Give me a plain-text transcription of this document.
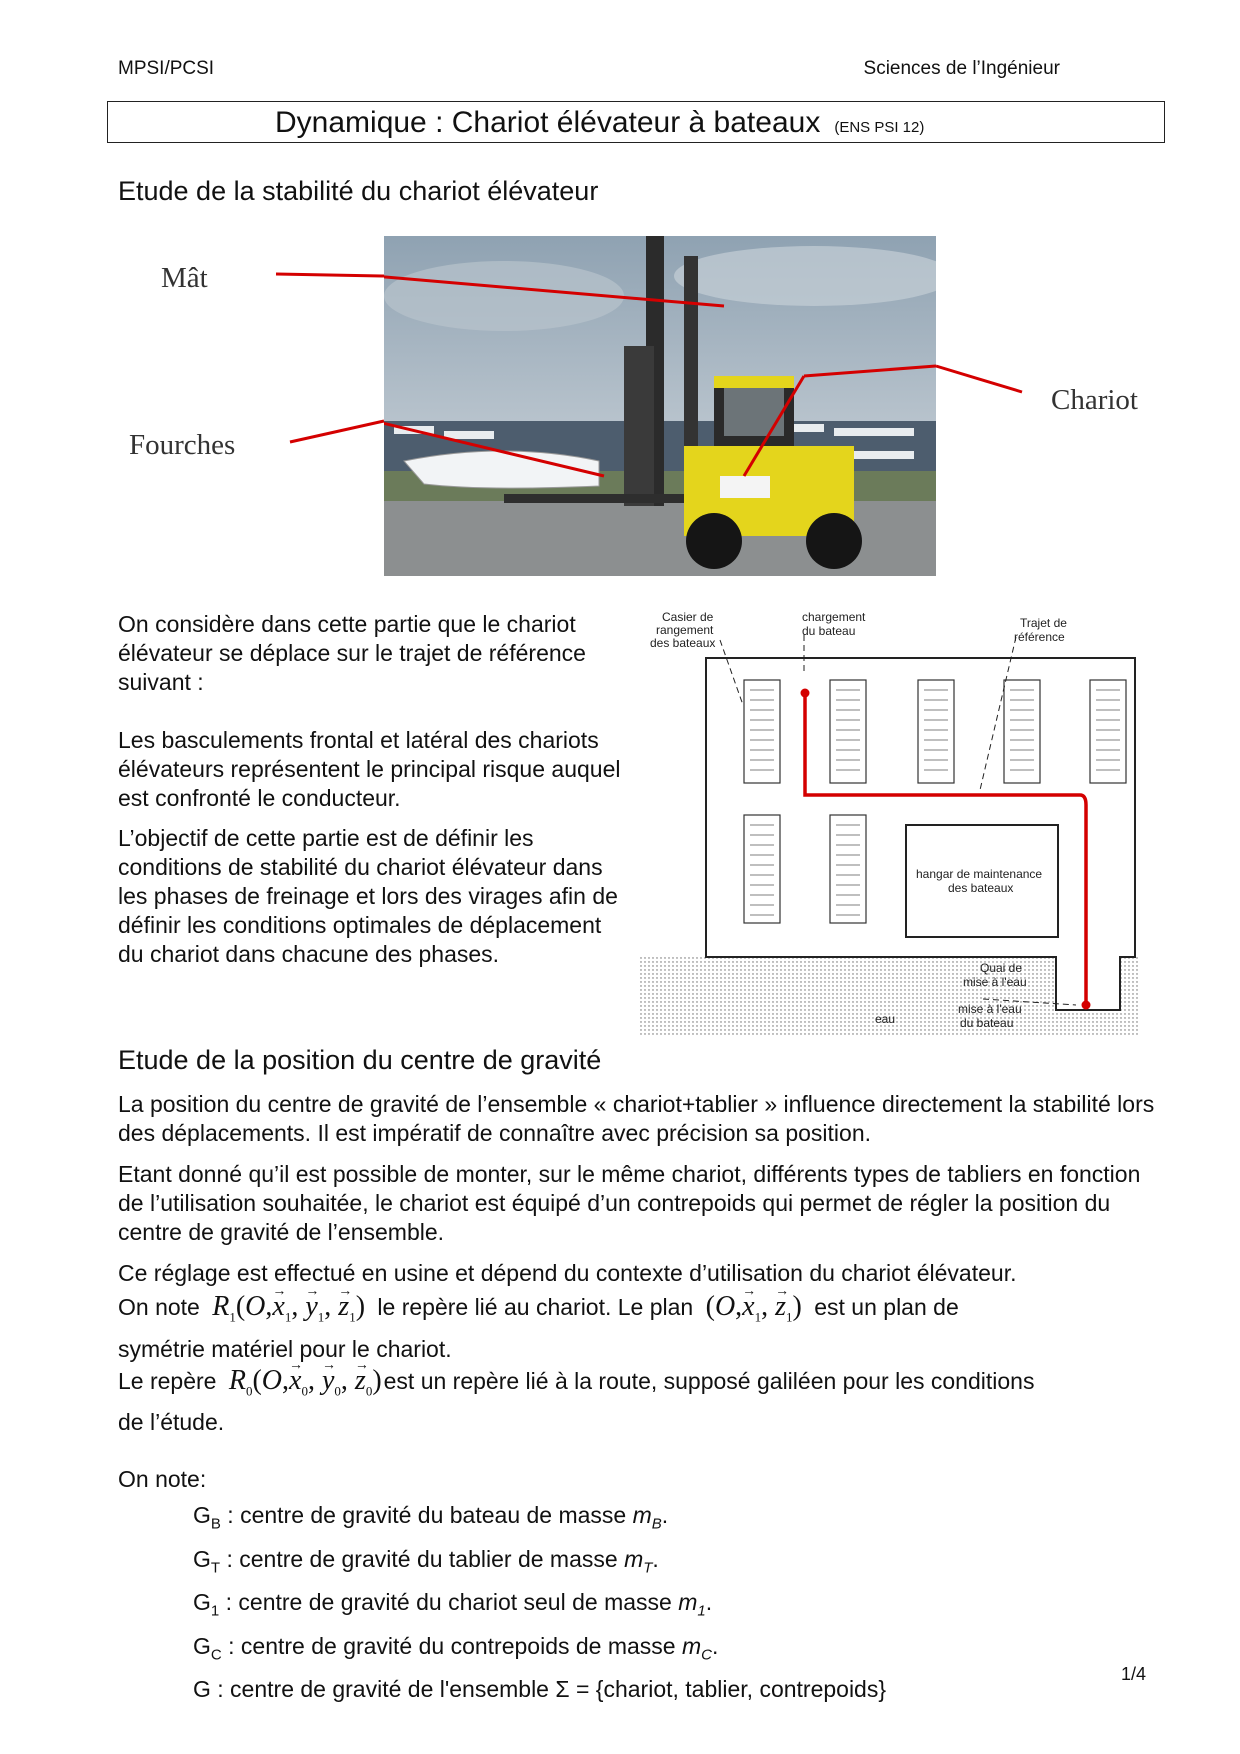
MPSI/PCSI	Sciences de l’Ingénieur
Dynamique : Chariot élévateur à bateaux (ENS PSI 12)
Etude de la stabilité du chariot élévateur
Mât
Fourches
Chariot
On considère dans cette partie que le chariot élévateur se déplace sur le trajet de référence suivant :
Les basculements frontal et latéral des chariots élévateurs représentent le principal risque auquel est confronté le conducteur.
L’objectif de cette partie est de définir les conditions de stabilité du chariot élévateur dans les phases de freinage et lors des virages afin de définir les conditions optimales de déplacement du chariot dans chacune des phases.
Casier de
rangement
des bateaux
chargement
du bateau
Trajet de
référence
hangar de maintenance
des bateaux
Quai de
mise à l'eau
eau
mise à l'eau
du bateau
Etude de la position du centre de gravité
La position du centre de gravité de l’ensemble « chariot+tablier » influence directement la stabilité lors des déplacements. Il est impératif de connaître avec précision sa position.
Etant donné qu’il est possible de monter, sur le même chariot, différents types de tabliers en fonction de l’utilisation souhaitée, le chariot est équipé d’un contrepoids qui permet de régler la position du centre de gravité de l’ensemble.
Ce réglage est effectué en usine et dépend du contexte d’utilisation du chariot élévateur.
On note $R_1(O,\to x_1$, → $y_1$, → $z_1$) le repère lié au chariot. Le plan ($O,\to x_1$, → $z_1$) est un plan de
symétrie matériel pour le chariot.
Le repère $R_0(O,\to x_0$, → $y_0$, → $z_0)est$ un repère lié à la route, supposé galiléen pour les conditions
de l’étude.
On note:
$G_B$ : centre de gravité du bateau de masse $m_B$.
$G_T$ : centre de gravité du tablier de masse $m_T$.
$G_1$ : centre de gravité du chariot seul de masse $m_1$.
$G_C$ : centre de gravité du contrepoids de masse $m_C$.
G : centre de gravité de l'ensemble Σ = {chariot, tablier, contrepoids}
1/4
